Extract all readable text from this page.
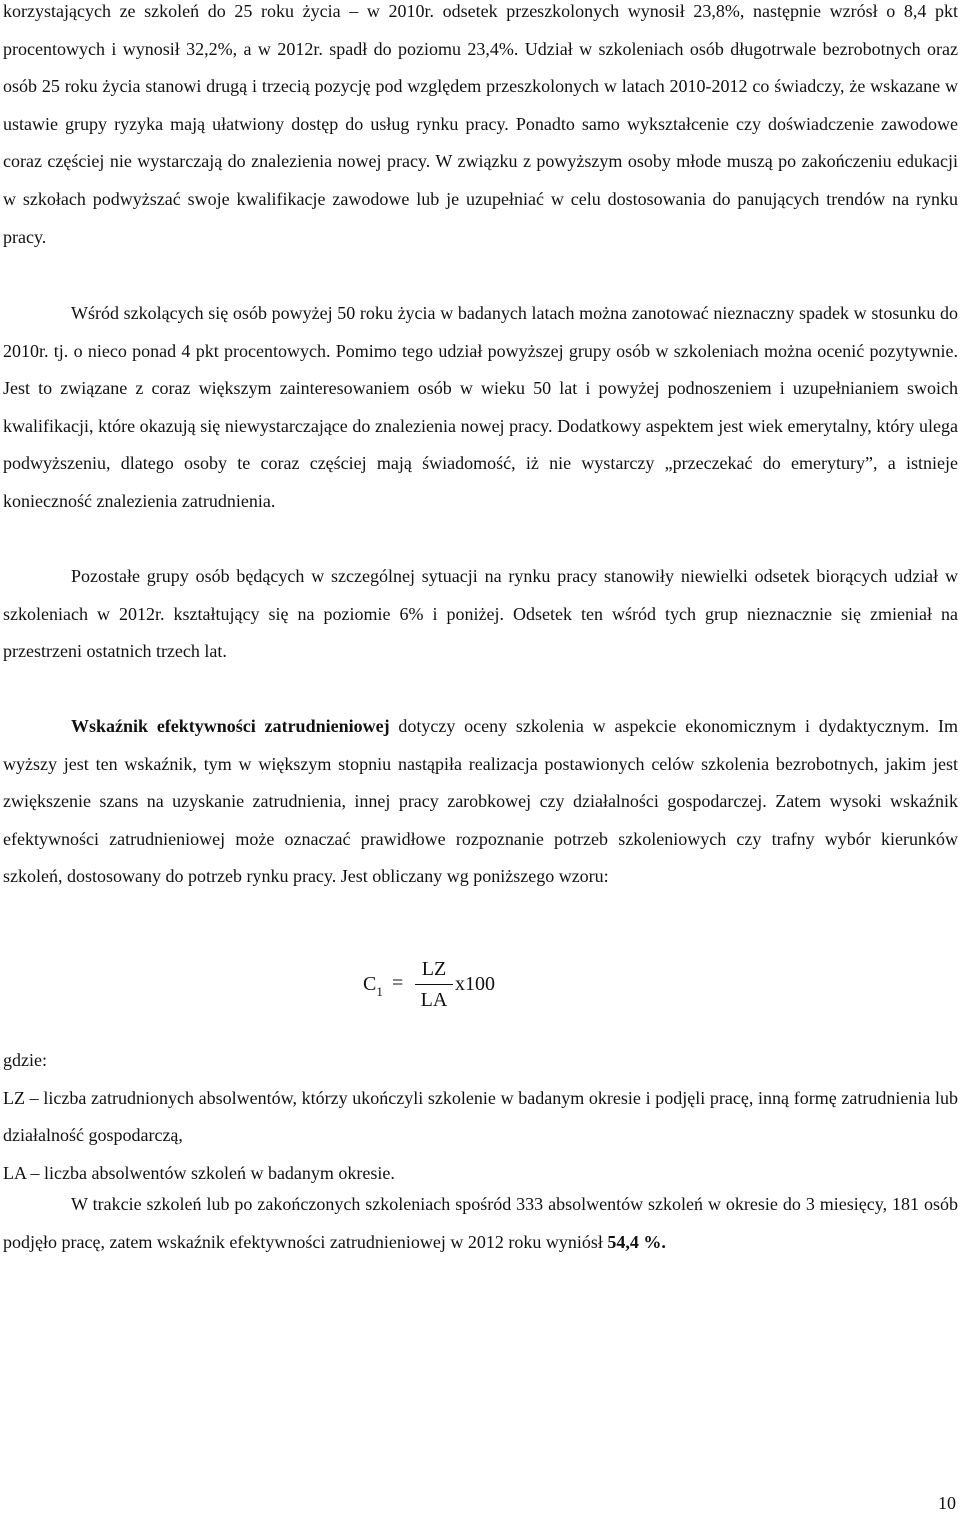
korzystających ze szkoleń do 25 roku życia – w 2010r. odsetek przeszkolonych wynosił 23,8%, następnie wzrósł o 8,4 pkt procentowych i wynosił 32,2%, a w 2012r. spadł do poziomu 23,4%. Udział w szkoleniach osób długotrwale bezrobotnych oraz osób 25 roku życia stanowi drugą i trzecią pozycję pod względem przeszkolonych w latach 2010-2012 co świadczy, że wskazane w ustawie grupy ryzyka mają ułatwiony dostęp do usług rynku pracy. Ponadto samo wykształcenie czy doświadczenie zawodowe coraz częściej nie wystarczają do znalezienia nowej pracy. W związku z powyższym osoby młode muszą po zakończeniu edukacji w szkołach podwyższać swoje kwalifikacje zawodowe lub je uzupełniać w celu dostosowania do panujących trendów na rynku pracy.

Wśród szkolących się osób powyżej 50 roku życia w badanych latach można zanotować nieznaczny spadek w stosunku do 2010r. tj. o nieco ponad 4 pkt procentowych. Pomimo tego udział powyższej grupy osób w szkoleniach można ocenić pozytywnie. Jest to związane z coraz większym zainteresowaniem osób w wieku 50 lat i powyżej podnoszeniem i uzupełnianiem swoich kwalifikacji, które okazują się niewystarczające do znalezienia nowej pracy. Dodatkowy aspektem jest wiek emerytalny, który ulega podwyższeniu, dlatego osoby te coraz częściej mają świadomość, iż nie wystarczy „przeczekać do emerytury”, a istnieje konieczność znalezienia zatrudnienia.

Pozostałe grupy osób będących w szczególnej sytuacji na rynku pracy stanowiły niewielki odsetek biorących udział w szkoleniach w 2012r. kształtujący się na poziomie 6% i poniżej. Odsetek ten wśród tych grup nieznacznie się zmieniał na przestrzeni ostatnich trzech lat.

Wskaźnik efektywności zatrudnieniowej dotyczy oceny szkolenia w aspekcie ekonomicznym i dydaktycznym. Im wyższy jest ten wskaźnik, tym w większym stopniu nastąpiła realizacja postawionych celów szkolenia bezrobotnych, jakim jest zwiększenie szans na uzyskanie zatrudnienia, innej pracy zarobkowej czy działalności gospodarczej. Zatem wysoki wskaźnik efektywności zatrudnieniowej może oznaczać prawidłowe rozpoznanie potrzeb szkoleniowych czy trafny wybór kierunków szkoleń, dostosowany do potrzeb rynku pracy. Jest obliczany wg poniższego wzoru:

$C_1$ =
LZ
LA
x100

gdzie:
LZ – liczba zatrudnionych absolwentów, którzy ukończyli szkolenie w badanym okresie i podjęli pracę, inną formę zatrudnienia lub działalność gospodarczą,
LA – liczba absolwentów szkoleń w badanym okresie.

W trakcie szkoleń lub po zakończonych szkoleniach spośród 333 absolwentów szkoleń w okresie do 3 miesięcy, 181 osób podjęło pracę, zatem wskaźnik efektywności zatrudnieniowej w 2012 roku wyniósł 54,4 %.

10
